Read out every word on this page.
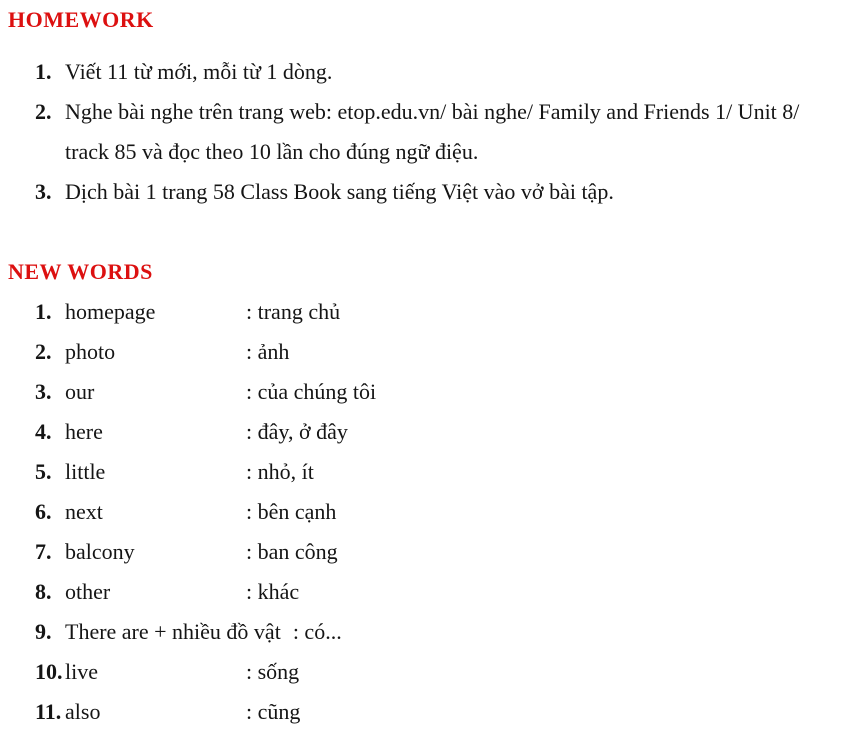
HOMEWORK
1. Viết 11 từ mới, mỗi từ 1 dòng.
2. Nghe bài nghe trên trang web: etop.edu.vn/ bài nghe/ Family and Friends 1/ Unit 8/
track 85 và đọc theo 10 lần cho đúng ngữ điệu.
3. Dịch bài 1 trang 58 Class Book sang tiếng Việt vào vở bài tập.
NEW WORDS
1. homepage	: trang chủ
2. photo	: ảnh
3. our	: của chúng tôi
4. here	: đây, ở đây
5. little	: nhỏ, ít
6. next	: bên cạnh
7. balcony	: ban công
8. other	: khác
9. There are + nhiều đồ vật : có...
10. live	: sống
11. also	: cũng
